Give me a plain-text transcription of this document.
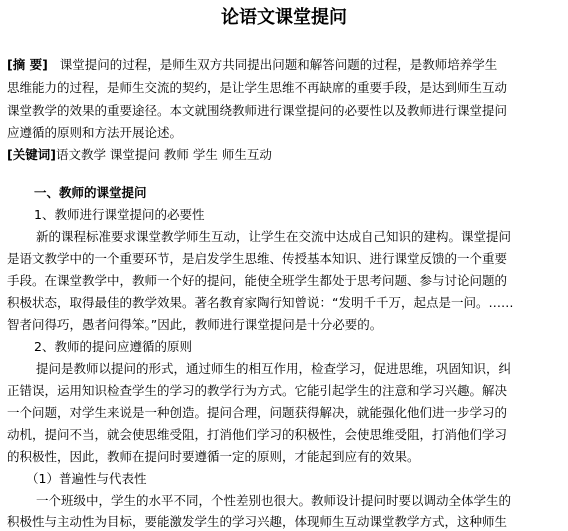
论语文课堂提问
[摘 要] 课堂提问的过程，是师生双方共同提出问题和解答问题的过程，是教师培养学生
思维能力的过程，是师生交流的契约，是让学生思维不再缺席的重要手段，是达到师生互动
课堂教学的效果的重要途径。本文就围绕教师进行课堂提问的必要性以及教师进行课堂提问
应遵循的原则和方法开展论述。
[关键词]语文教学 课堂提问 教师 学生 师生互动
一、教师的课堂提问
1、教师进行课堂提问的必要性
新的课程标准要求课堂教学师生互动，让学生在交流中达成自己知识的建构。课堂提问
是语文教学中的一个重要环节，是启发学生思维、传授基本知识、进行课堂反馈的一个重要
手段。在课堂教学中，教师一个好的提问，能使全班学生都处于思考问题、参与讨论问题的
积极状态，取得最佳的教学效果。著名教育家陶行知曾说：“发明千千万，起点是一问。……
智者问得巧，愚者问得笨。”因此，教师进行课堂提问是十分必要的。
2、教师的提问应遵循的原则
提问是教师以提问的形式，通过师生的相互作用，检查学习，促进思维，巩固知识，纠
正错误，运用知识检查学生的学习的教学行为方式。它能引起学生的注意和学习兴趣。解决
一个问题，对学生来说是一种创造。提问合理，问题获得解决，就能强化他们进一步学习的
动机，提问不当，就会使思维受阻，打消他们学习的积极性，会使思维受阻，打消他们学习
的积极性，因此，教师在提问时要遵循一定的原则，才能起到应有的效果。
（1）普遍性与代表性
一个班级中，学生的水平不同，个性差别也很大。教师设计提问时要以调动全体学生的
积极性与主动性为目标，要能激发学生的学习兴趣，体现师生互动课堂教学方式，这种师生
